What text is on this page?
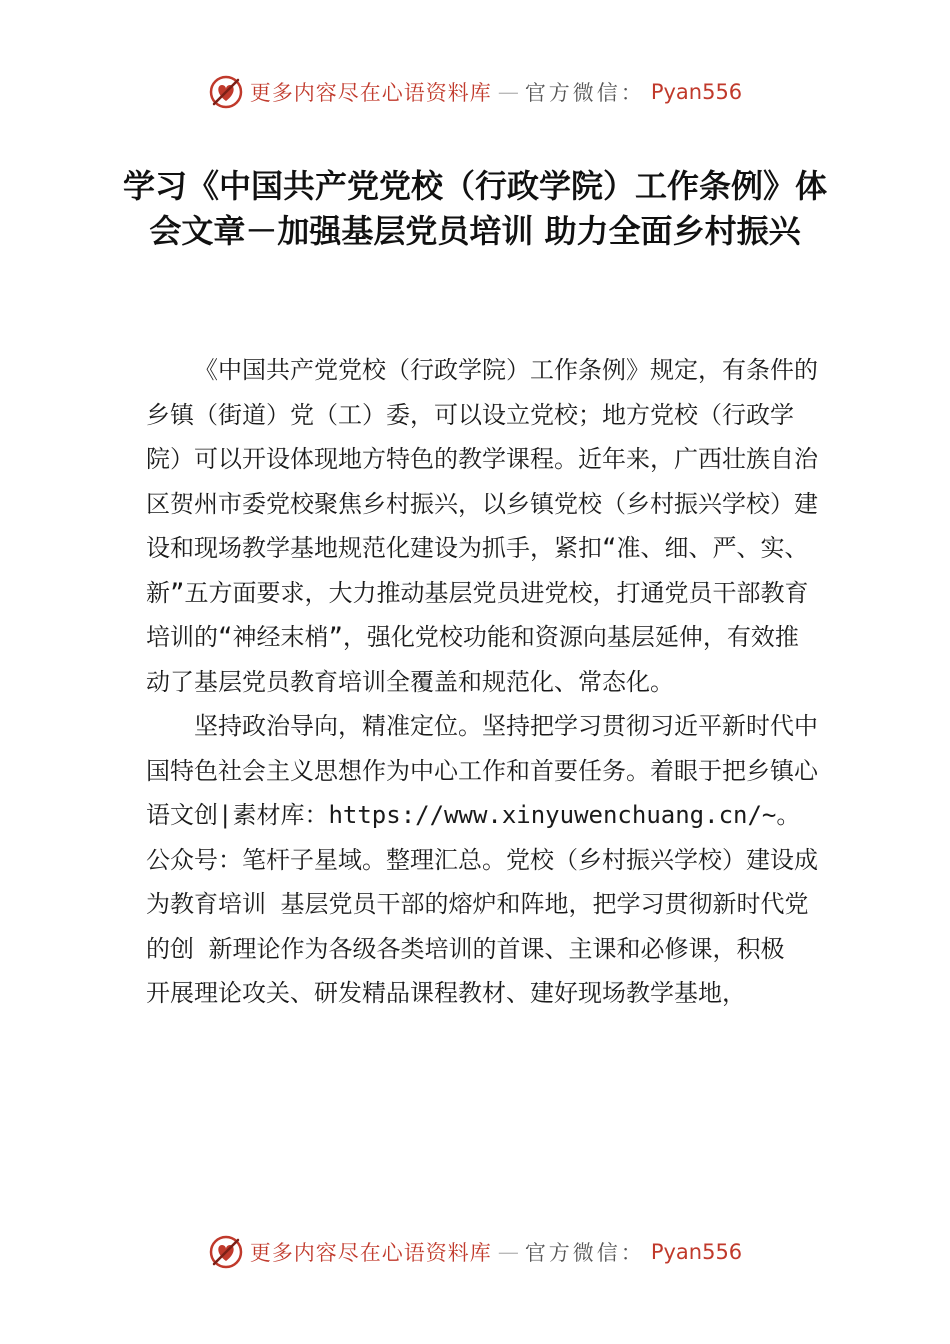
更多内容尽在心语资料库 — 官方微信： Pyan556
学习《中国共产党党校（行政学院）工作条例》体会文章－加强基层党员培训 助力全面乡村振兴

《中国共产党党校（行政学院）工作条例》规定，有条件的乡镇（街道）党（工）委，可以设立党校；地方党校（行政学院）可以开设体现地方特色的教学课程。近年来，广西壮族自治区贺州市委党校聚焦乡村振兴，以乡镇党校（乡村振兴学校）建设和现场教学基地规范化建设为抓手，紧扣“准、细、严、实、新”五方面要求，大力推动基层党员进党校，打通党员干部教育培训的“神经末梢”，强化党校功能和资源向基层延伸，有效推动了基层党员教育培训全覆盖和规范化、常态化。

坚持政治导向，精准定位。坚持把学习贯彻习近平新时代中国特色社会主义思想作为中心工作和首要任务。着眼于把乡镇心语文创|素材库：https://www.xinyuwenchuang.cn/~。公众号：笔杆子星域。整理汇总。党校（乡村振兴学校）建设成为教育培训 基层党员干部的熔炉和阵地，把学习贯彻新时代党的创 新理论作为各级各类培训的首课、主课和必修课，积极 开展理论攻关、研发精品课程教材、建好现场教学基地，

更多内容尽在心语资料库 — 官方微信： Pyan556
